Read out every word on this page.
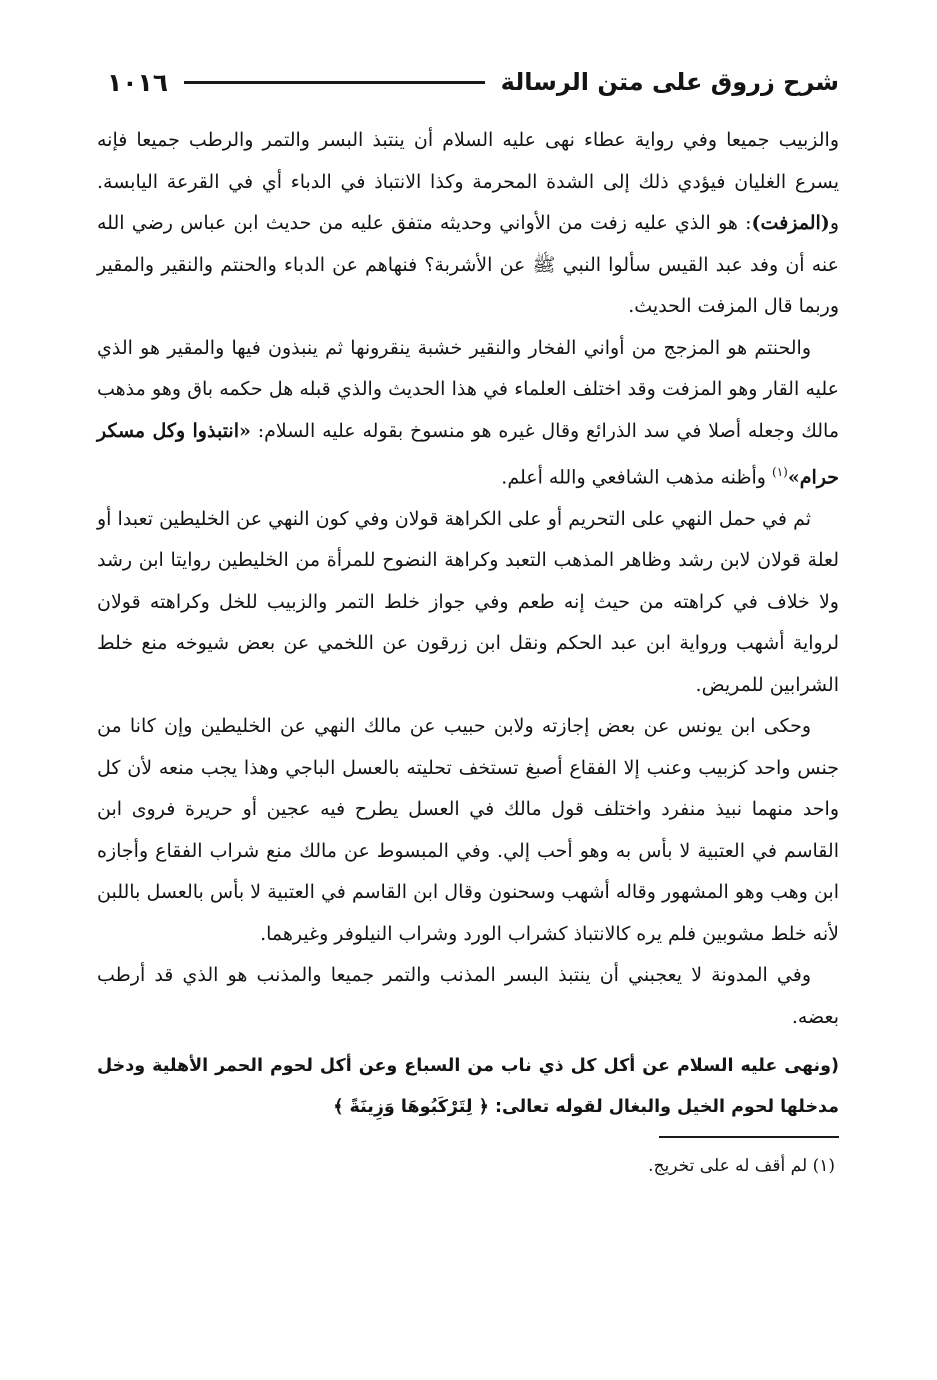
شرح زروق على متن الرسالة
١٠١٦

والزبيب جميعا وفي رواية عطاء نهى عليه السلام أن ينتبذ البسر والتمر والرطب جميعا فإنه يسرع الغليان فيؤدي ذلك إلى الشدة المحرمة وكذا الانتباذ في الدباء أي في القرعة اليابسة. و(المزفت): هو الذي عليه زفت من الأواني وحديثه متفق عليه من حديث ابن عباس رضي الله عنه أن وفد عبد القيس سألوا النبي ﷺ عن الأشربة؟ فنهاهم عن الدباء والحنتم والنقير والمقير وربما قال المزفت الحديث.

والحنتم هو المزجج من أواني الفخار والنقير خشبة ينقرونها ثم ينبذون فيها والمقير هو الذي عليه القار وهو المزفت وقد اختلف العلماء في هذا الحديث والذي قبله هل حكمه باق وهو مذهب مالك وجعله أصلا في سد الذرائع وقال غيره هو منسوخ بقوله عليه السلام: «انتبذوا وكل مسكر حرام»$^{(١)}$ وأظنه مذهب الشافعي والله أعلم.

ثم في حمل النهي على التحريم أو على الكراهة قولان وفي كون النهي عن الخليطين تعبدا أو لعلة قولان لابن رشد وظاهر المذهب التعبد وكراهة النضوح للمرأة من الخليطين روايتا ابن رشد ولا خلاف في كراهته من حيث إنه طعم وفي جواز خلط التمر والزبيب للخل وكراهته قولان لرواية أشهب ورواية ابن عبد الحكم ونقل ابن زرقون عن اللخمي عن بعض شيوخه منع خلط الشرابين للمريض.

وحكى ابن يونس عن بعض إجازته ولابن حبيب عن مالك النهي عن الخليطين وإن كانا من جنس واحد كزبيب وعنب إلا الفقاع أصبغ تستخف تحليته بالعسل الباجي وهذا يجب منعه لأن كل واحد منهما نبيذ منفرد واختلف قول مالك في العسل يطرح فيه عجين أو حريرة فروى ابن القاسم في العتبية لا بأس به وهو أحب إلي. وفي المبسوط عن مالك منع شراب الفقاع وأجازه ابن وهب وهو المشهور وقاله أشهب وسحنون وقال ابن القاسم في العتبية لا بأس بالعسل باللبن لأنه خلط مشوبين فلم يره كالانتباذ كشراب الورد وشراب النيلوفر وغيرهما.

وفي المدونة لا يعجبني أن ينتبذ البسر المذنب والتمر جميعا والمذنب هو الذي قد أرطب بعضه.

(ونهى عليه السلام عن أكل كل ذي ناب من السباع وعن أكل لحوم الحمر الأهلية ودخل مدخلها لحوم الخيل والبغال لقوله تعالى: ﴿ لِتَرْكَبُوهَا وَزِينَةً ﴾
(١) لم أقف له على تخريج.
